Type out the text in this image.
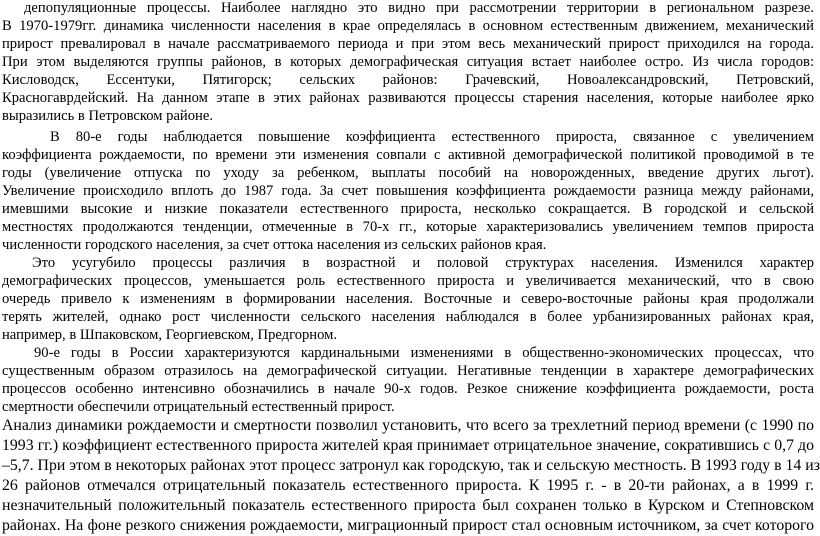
депопуляционные процессы. Наиболее наглядно это видно при рассмотрении территории в региональном разрезе.
В 1970-1979гг. динамика численности населения в крае определялась в основном естественным движением, механический
прирост превалировал в начале рассматриваемого периода и при этом весь механический прирост приходился на города.
При этом выделяются группы районов, в которых демографическая ситуация встает наиболее остро. Из числа городов:
Кисловодск, Ессентуки, Пятигорск; сельских районов: Грачевский, Новоалександровский, Петровский,
Красногавpдейский. На данном этапе в этих районах развиваются процессы старения населения, которые наиболее ярко
выразились в Петровском районе.
В 80-е годы наблюдается повышение коэффициента естественного прироста, связанное с увеличением
коэффициента рождаемости, по времени эти изменения совпали с активной демографической политикой проводимой в те
годы (увеличение отпуска по уходу за ребенком, выплаты пособий на новорожденных, введение других льгот).
Увеличение происходило вплоть до 1987 года. За счет повышения коэффициента рождаемости разница между районами,
имевшими высокие и низкие показатели естественного прироста, несколько сокращается. В городской и сельской
местностях продолжаются тенденции, отмеченные в 70-х гг., которые характеризовались увеличением темпов прироста
численности городского населения, за счет оттока населения из сельских районов края.
Это усугубило процессы различия в возрастной и половой структурах населения. Изменился характер
демографических процессов, уменьшается роль естественного прироста и увеличивается механический, что в свою
очередь привело к изменениям в формировании населения. Восточные и северо-восточные районы края продолжали
терять жителей, однако рост численности сельского населения наблюдался в более урбанизированных районах края,
например, в Шпаковском, Георгиевском, Предгорном.
90-е годы в России характеризуются кардинальными изменениями в общественно-экономических процессах, что
существенным образом отразилось на демографической ситуации. Негативные тенденции в характере демографических
процессов особенно интенсивно обозначились в начале 90-х годов. Резкое снижение коэффициента рождаемости, роста
смертности обеспечили отрицательный естественный прирост.
Анализ динамики рождаемости и смертности позволил установить, что всего за трехлетний период времени (с 1990 по
1993 гг.) коэффициент естественного прироста жителей края принимает отрицательное значение, сократившись с 0,7 до
–5,7. При этом в некоторых районах этот процесс затронул как городскую, так и сельскую местность. В 1993 году в 14 из
26 районов отмечался отрицательный показатель естественного прироста. К 1995 г. - в 20-ти районах, а в 1999 г.
незначительный положительный показатель естественного прироста был сохранен только в Курском и Степновском
районах. На фоне резкого снижения рождаемости, миграционный прирост стал основным источником, за счет которого
